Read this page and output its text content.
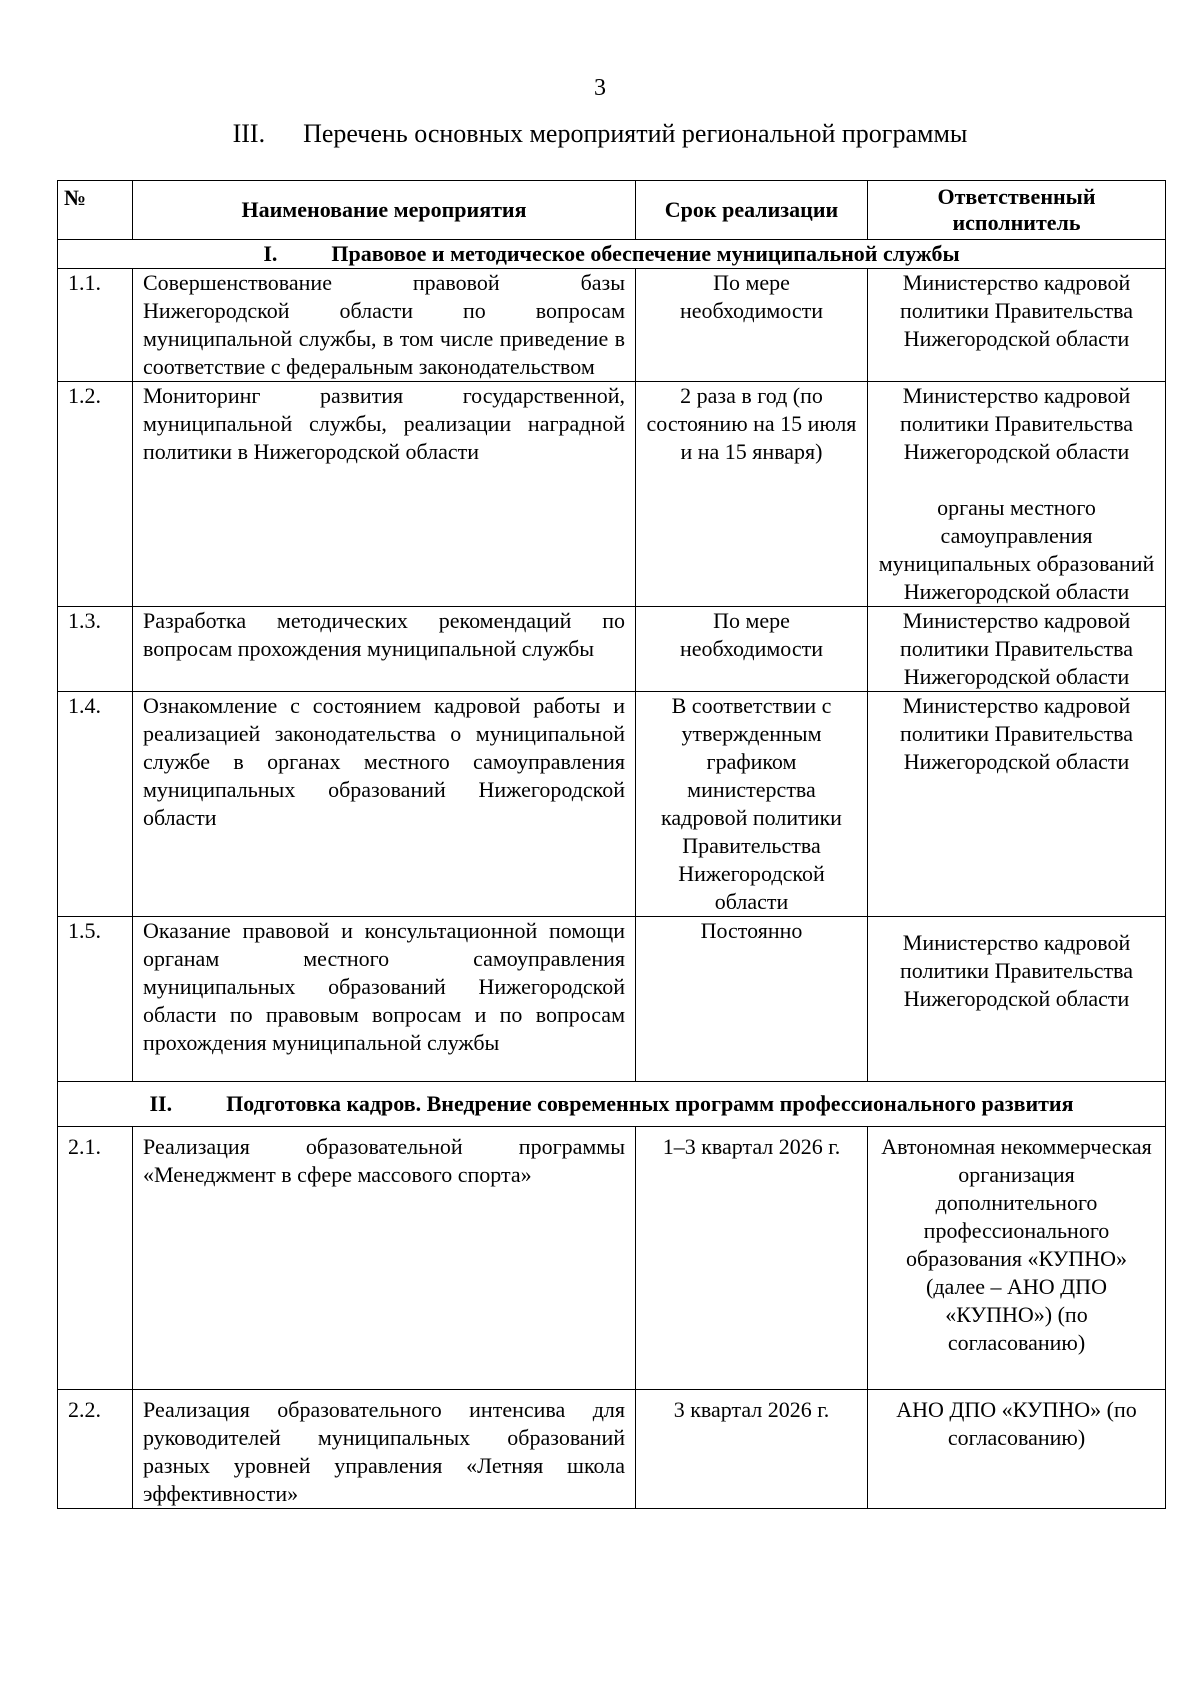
3
III. Перечень основных мероприятий региональной программы
№	Наименование мероприятия	Срок реализации	Ответственный исполнитель
I. Правовое и методическое обеспечение муниципальной службы			
1.1.	Совершенствование правовой базы Нижегородской области по вопросам муниципальной службы, в том числе приведение в соответствие с федеральным законодательством	По мере необходимости	Министерство кадровой политики Правительства Нижегородской области
1.2.	Мониторинг развития государственной, муниципальной службы, реализации наградной политики в Нижегородской области	2 раза в год (по состоянию на 15 июля и на 15 января)	Министерство кадровой политики Правительства Нижегородской области
органы местного самоуправления муниципальных образований Нижегородской области

1.3.	Разработка методических рекомендаций по вопросам прохождения муниципальной службы	По мере необходимости	Министерство кадровой политики Правительства Нижегородской области
1.4.	Ознакомление с состоянием кадровой работы и реализацией законодательства о муниципальной службе в органах местного самоуправления муниципальных образований Нижегородской области	В соответствии с утвержденным графиком министерства кадровой политики Правительства Нижегородской области	Министерство кадровой политики Правительства Нижегородской области
1.5.	Оказание правовой и консультационной помощи органам местного самоуправления муниципальных образований Нижегородской области по правовым вопросам и по вопросам прохождения муниципальной службы	Постоянно	Министерство кадровой политики Правительства Нижегородской области
II. Подготовка кадров. Внедрение современных программ профессионального развития			
2.1.	Реализация образовательной программы «Менеджмент в сфере массового спорта»	1–3 квартал 2026 г.	Автономная некоммерческая организация дополнительного профессионального образования «КУПНО» (далее – АНО ДПО «КУПНО») (по согласованию)
2.2.	Реализация образовательного интенсива для руководителей муниципальных образований разных уровней управления «Летняя школа эффективности»	3 квартал 2026 г.	АНО ДПО «КУПНО» (по согласованию)
